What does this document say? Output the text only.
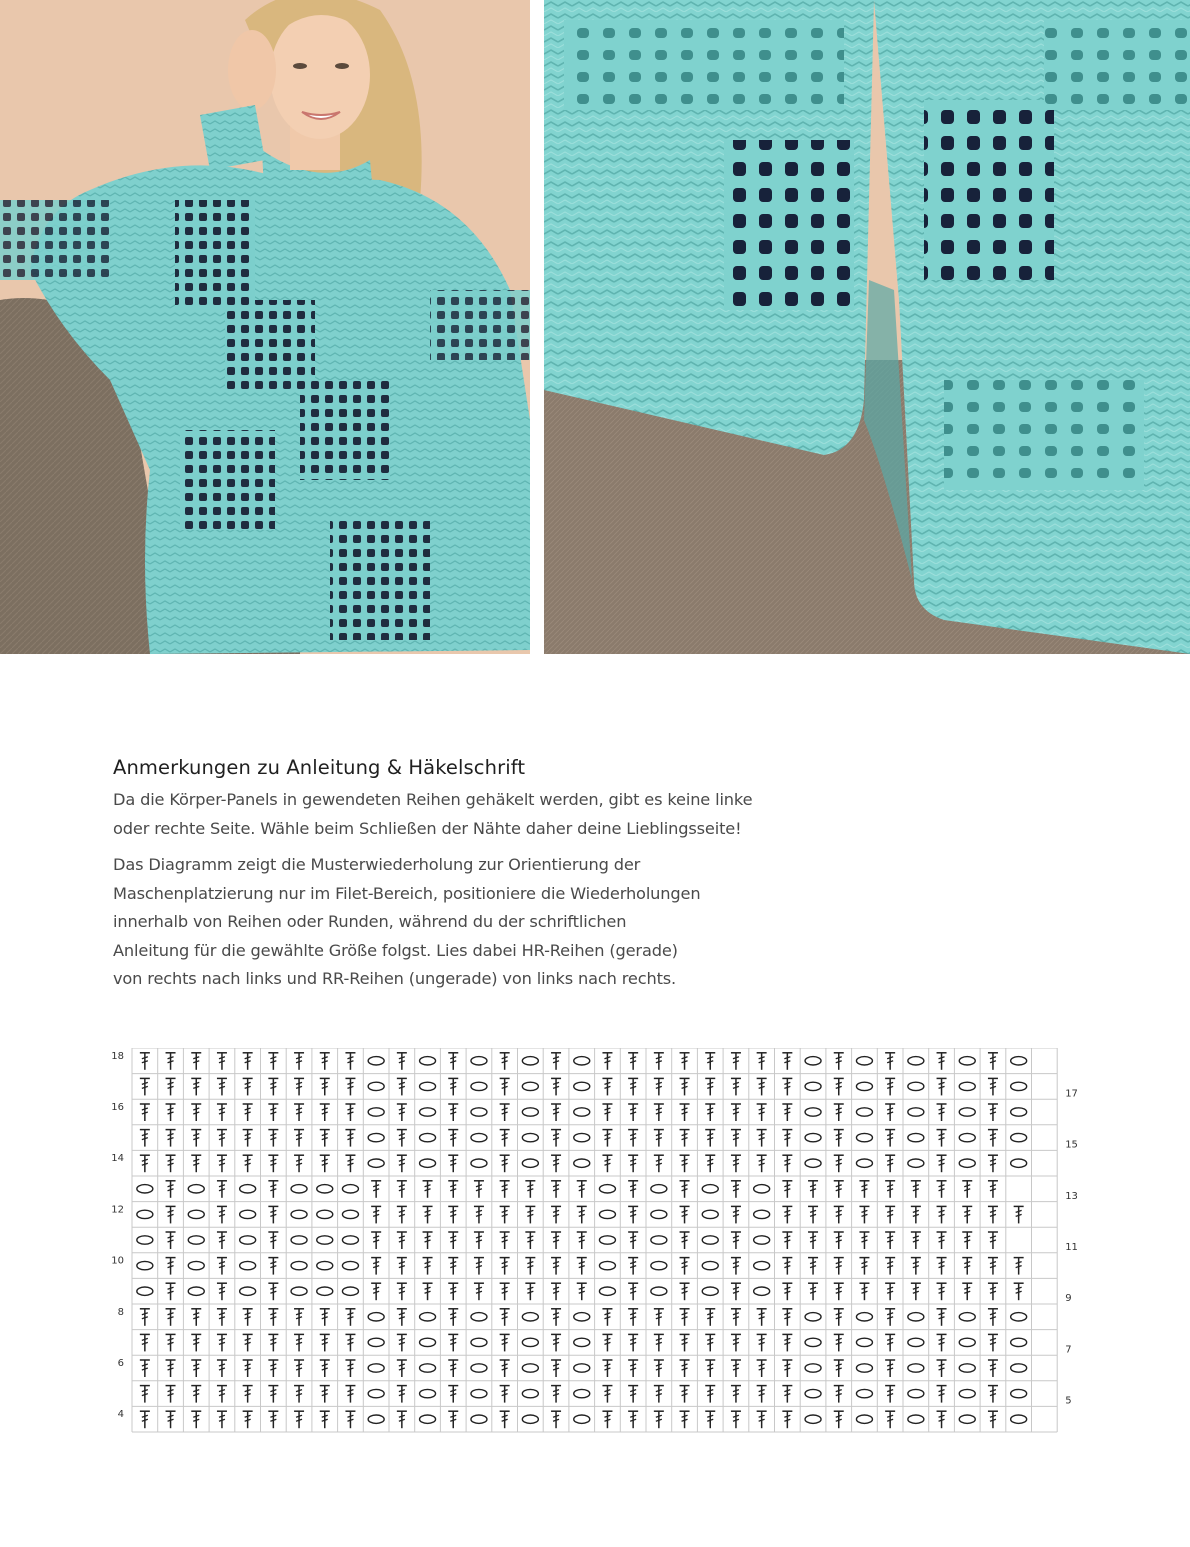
Anmerkungen zu Anleitung & Häkelschrift

Da die Körper-Panels in gewendeten Reihen gehäkelt werden, gibt es keine linke
oder rechte Seite. Wähle beim Schließen der Nähte daher deine Lieblingsseite!

Das Diagramm zeigt die Musterwiederholung zur Orientierung der
Maschenplatzierung nur im Filet-Bereich, positioniere die Wiederholungen
innerhalb von Reihen oder Runden, während du der schriftlichen
Anleitung für die gewählte Größe folgst. Lies dabei HR-Reihen (gerade)
von rechts nach links und RR-Reihen (ungerade) von links nach rechts.

18
17
16
15
14
13
12
11
10
9
8
7
6
5
4
